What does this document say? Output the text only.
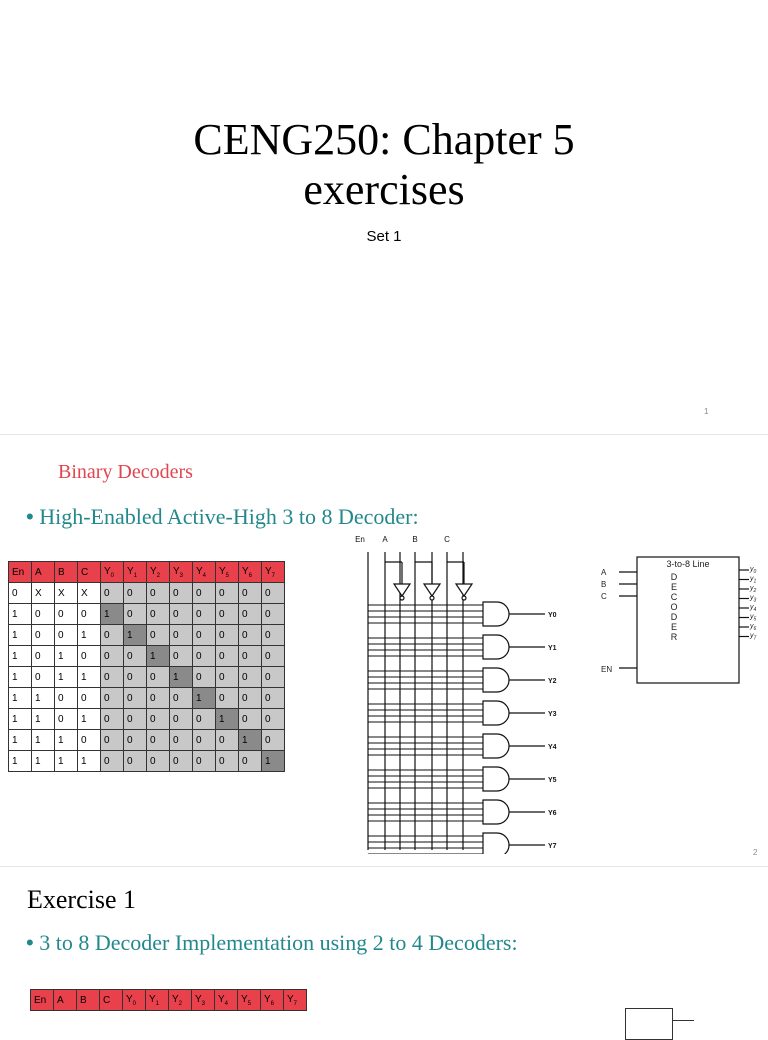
CENG250: Chapter 5
exercises
Set 1
1
Binary Decoders
• High-Enabled Active-High 3 to 8 Decoder:
En	A	B	C	$Y_0$	$Y_1$	$Y_2$	$Y_3$	$Y_4$	$Y_5$	$Y_6$	$Y_7$
0	X	X	X	0	0	0	0	0	0	0	0
1	0	0	0	1	0	0	0	0	0	0	0
1	0	0	1	0	1	0	0	0	0	0	0
1	0	1	0	0	0	1	0	0	0	0	0
1	0	1	1	0	0	0	1	0	0	0	0
1	1	0	0	0	0	0	0	1	0	0	0
1	1	0	1	0	0	0	0	0	1	0	0
1	1	1	0	0	0	0	0	0	0	1	0
1	1	1	1	0	0	0	0	0	0	0	1
En A	B	C
Y0
Y1
Y2
Y3
Y4
Y5
Y6
Y7
3-to-8 Line
D
E
C
O
D
E
R
A
B
C
EN
$y_0$
$y_1$
$y_2$
$y_3$
$y_4$
$y_5$
$y_6$
$y_7$
2
Exercise 1
• 3 to 8 Decoder Implementation using 2 to 4 Decoders:
En	A	B	C	$Y_0$	$Y_1$	$Y_2$	$Y_3$	$Y_4$	$Y_5$	$Y_6$	$Y_7$
